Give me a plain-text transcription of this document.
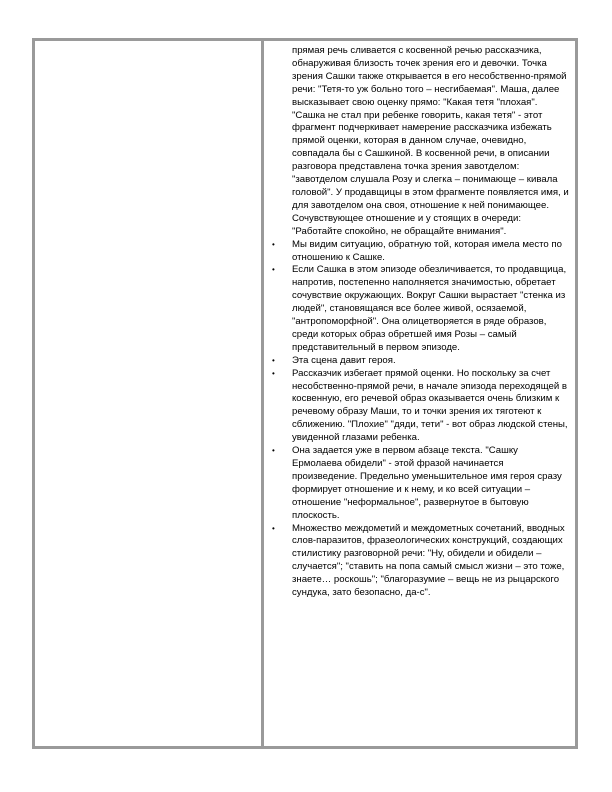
прямая речь сливается с косвенной речью рассказчика, обнаруживая близость точек зрения его и девочки. Точка зрения Сашки также открывается в его несобственно-прямой речи: "Тетя-то уж больно того – несгибаемая". Маша, далее высказывает свою оценку прямо: "Какая тетя "плохая". "Сашка не стал при ребенке говорить, какая тетя" - этот фрагмент подчеркивает намерение рассказчика избежать прямой оценки, которая в данном случае, очевидно, совпадала бы с Сашкиной. В косвенной речи, в описании разговора представлена точка зрения завотделом: "завотделом слушала Розу и слегка – понимающе – кивала головой". У продавщицы в этом фрагменте появляется имя, и для завотделом она своя, отношение к ней понимающее. Сочувствующее отношение и у стоящих в очереди: "Работайте спокойно, не обращайте внимания".

• Мы видим ситуацию, обратную той, которая имела место по отношению к Сашке.
• Если Сашка в этом эпизоде обезличивается, то продавщица, напротив, постепенно наполняется значимостью, обретает сочувствие окружающих. Вокруг Сашки вырастает "стенка из людей", становящаяся все более живой, осязаемой, "антропоморфной". Она олицетворяется в ряде образов, среди которых образ обретшей имя Розы – самый представительный в первом эпизоде.
• Эта сцена давит героя.
• Рассказчик избегает прямой оценки. Но поскольку за счет несобственно-прямой речи, в начале эпизода переходящей в косвенную, его речевой образ оказывается очень близким к речевому образу Маши, то и точки зрения их тяготеют к сближению. "Плохие" "дяди, тети" - вот образ людской стены, увиденной глазами ребенка.
• Она задается уже в первом абзаце текста. "Сашку Ермолаева обидели" - этой фразой начинается произведение. Предельно уменьшительное имя героя сразу формирует отношение и к нему, и ко всей ситуации – отношение "неформальное", развернутое в бытовую плоскость.
• Множество междометий и междометных сочетаний, вводных слов-паразитов, фразеологических конструкций, создающих стилистику разговорной речи: "Ну, обидели и обидели – случается"; "ставить на попа самый смысл жизни – это тоже, знаете… роскошь"; "благоразумие – вещь не из рыцарского сундука, зато безопасно, да-с".
